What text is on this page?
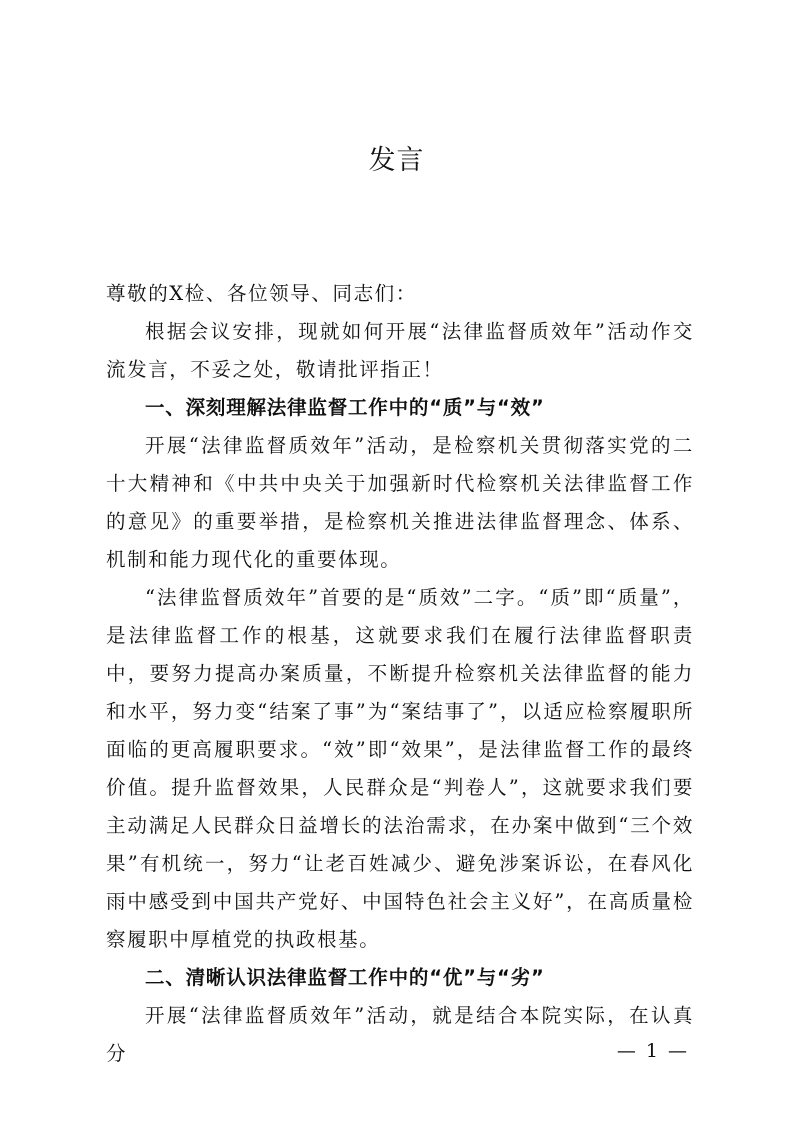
发言

尊敬的X检、各位领导、同志们：

根据会议安排，现就如何开展“法律监督质效年”活动作交流发言，不妥之处，敬请批评指正！

一、深刻理解法律监督工作中的“质”与“效”

开展“法律监督质效年”活动，是检察机关贯彻落实党的二十大精神和《中共中央关于加强新时代检察机关法律监督工作的意见》的重要举措，是检察机关推进法律监督理念、体系、机制和能力现代化的重要体现。

“法律监督质效年”首要的是“质效”二字。“质”即“质量”，是法律监督工作的根基，这就要求我们在履行法律监督职责中，要努力提高办案质量，不断提升检察机关法律监督的能力和水平，努力变“结案了事”为“案结事了”，以适应检察履职所面临的更高履职要求。“效”即“效果”，是法律监督工作的最终价值。提升监督效果，人民群众是“判卷人”，这就要求我们要主动满足人民群众日益增长的法治需求，在办案中做到“三个效果”有机统一，努力“让老百姓减少、避免涉案诉讼，在春风化雨中感受到中国共产党好、中国特色社会主义好”，在高质量检察履职中厚植党的执政根基。

二、清晰认识法律监督工作中的“优”与“劣”

开展“法律监督质效年”活动，就是结合本院实际，在认真分	— 1 —
